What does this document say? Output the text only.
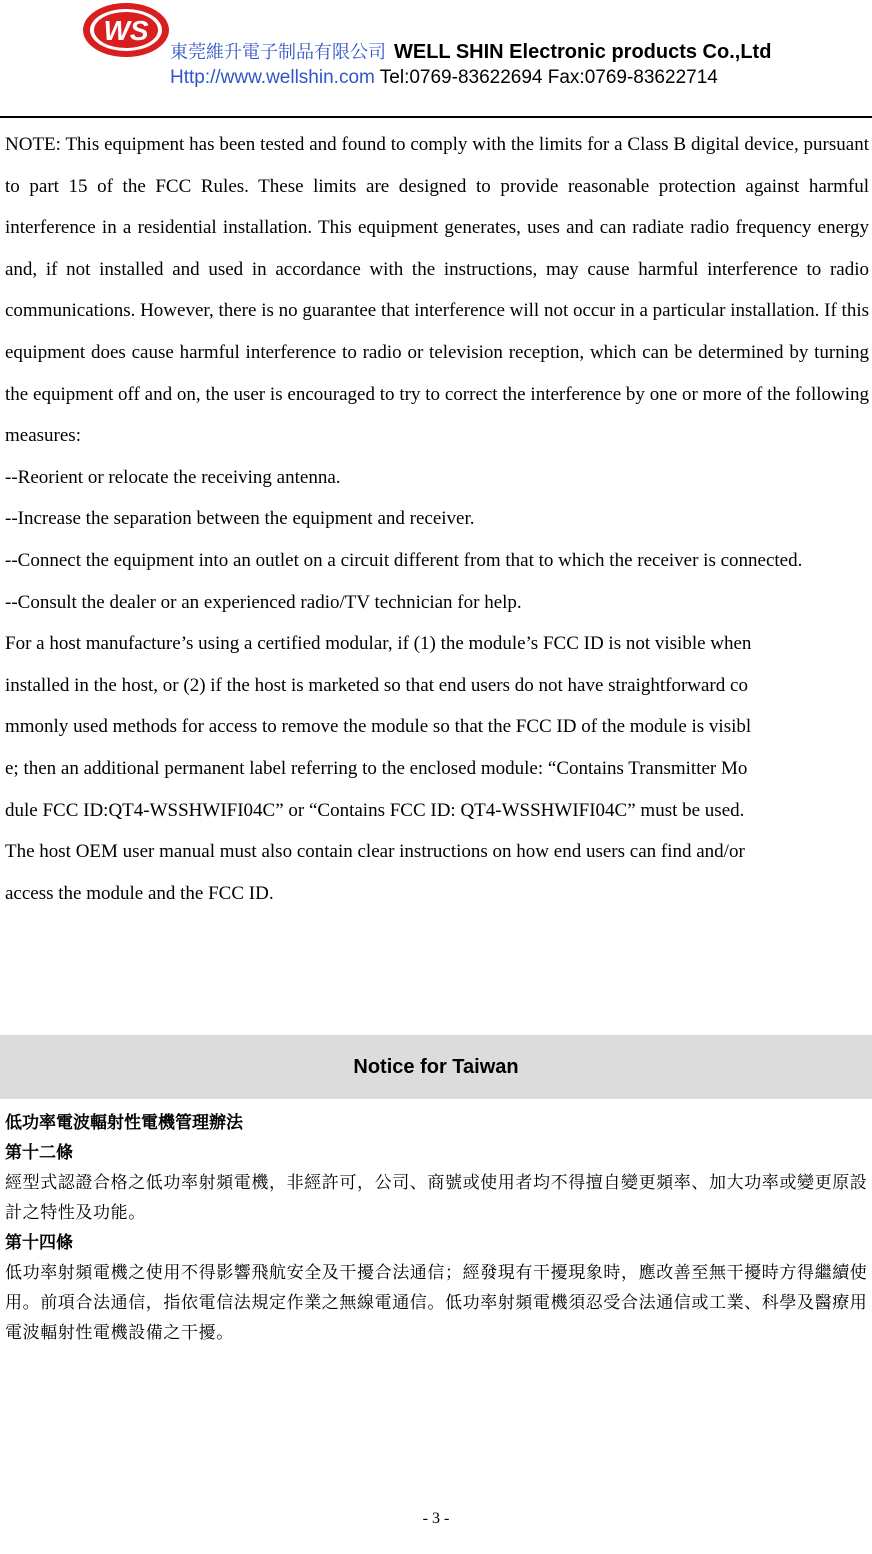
WS
東莞維升電子制品有限公司 WELL SHIN Electronic products Co.,Ltd
Http://www.wellshin.com Tel:0769-83622694 Fax:0769-83622714

NOTE: This equipment has been tested and found to comply with the limits for a Class B digital device, pursuant to part 15 of the FCC Rules. These limits are designed to provide reasonable protection against harmful interference in a residential installation. This equipment generates, uses and can radiate radio frequency energy and, if not installed and used in accordance with the instructions, may cause harmful interference to radio communications. However, there is no guarantee that interference will not occur in a particular installation. If this equipment does cause harmful interference to radio or television reception, which can be determined by turning the equipment off and on, the user is encouraged to try to correct the interference by one or more of the following measures:

--Reorient or relocate the receiving antenna.

--Increase the separation between the equipment and receiver.

--Connect the equipment into an outlet on a circuit different from that to which the receiver is connected.

--Consult the dealer or an experienced radio/TV technician for help.

For a host manufacture’s using a certified modular, if (1) the module’s FCC ID is not visible when

installed in the host, or (2) if the host is marketed so that end users do not have straightforward co

mmonly used methods for access to remove the module so that the FCC ID of the module is visibl

e; then an additional permanent label referring to the enclosed module: “Contains Transmitter Mo

dule FCC ID:QT4-WSSHWIFI04C” or “Contains FCC ID: QT4-WSSHWIFI04C” must be used.

The host OEM user manual must also contain clear instructions on how end users can find and/or

access the module and the FCC ID.

Notice for Taiwan

低功率電波輻射性電機管理辦法

第十二條

經型式認證合格之低功率射頻電機，非經許可，公司、商號或使用者均不得擅自變更頻率、加大功率或變更原設計之特性及功能。

第十四條

低功率射頻電機之使用不得影響飛航安全及干擾合法通信；經發現有干擾現象時，應改善至無干擾時方得繼續使用。前項合法通信，指依電信法規定作業之無線電通信。低功率射頻電機須忍受合法通信或工業、科學及醫療用電波輻射性電機設備之干擾。

- 3 -
